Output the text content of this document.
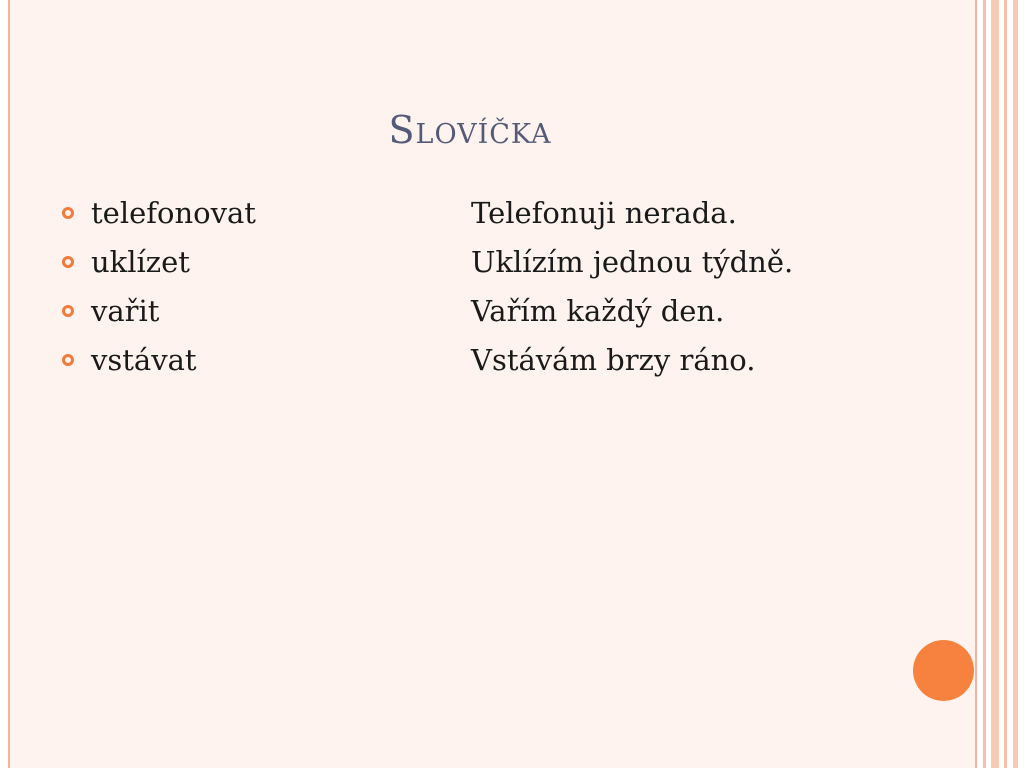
Slovíčka
telefonovat	Telefonuji nerada.
uklízet	Uklízím jednou týdně.
vařit	Vařím každý den.
vstávat	Vstávám brzy ráno.
